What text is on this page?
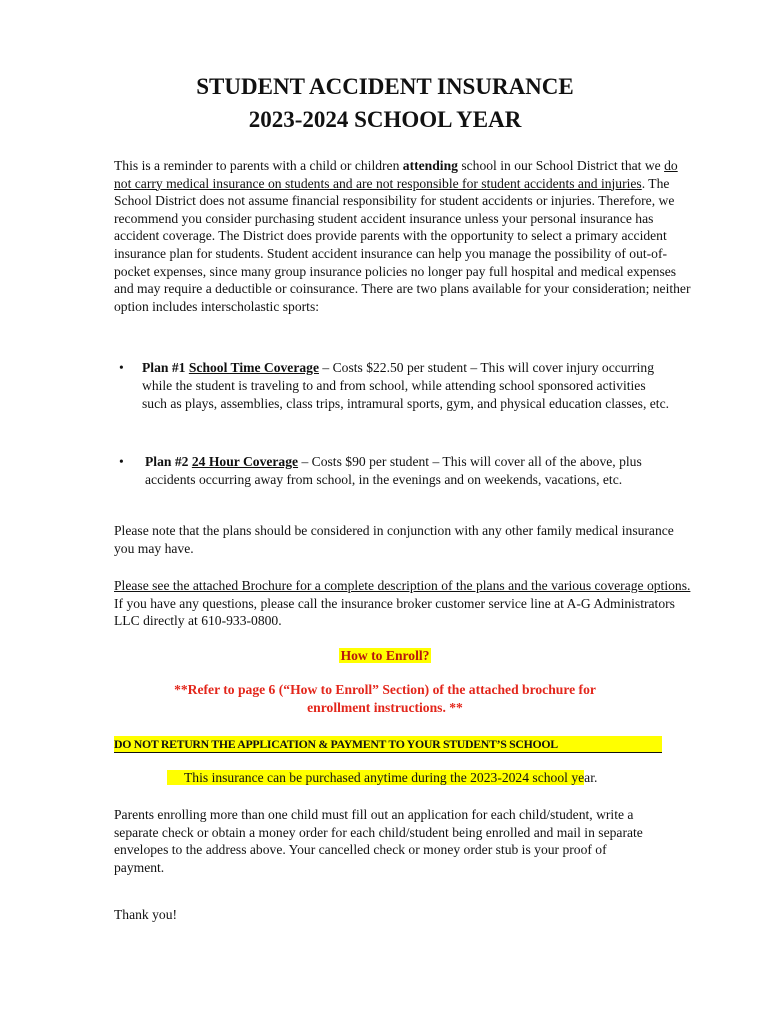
STUDENT ACCIDENT INSURANCE
2023-2024 SCHOOL YEAR
This is a reminder to parents with a child or children attending school in our School District that we do not carry medical insurance on students and are not responsible for student accidents and injuries. The School District does not assume financial responsibility for student accidents or injuries. Therefore, we recommend you consider purchasing student accident insurance unless your personal insurance has accident coverage. The District does provide parents with the opportunity to select a primary accident insurance plan for students. Student accident insurance can help you manage the possibility of out-of-pocket expenses, since many group insurance policies no longer pay full hospital and medical expenses and may require a deductible or coinsurance. There are two plans available for your consideration; neither option includes interscholastic sports:
• Plan #1 School Time Coverage – Costs $22.50 per student – This will cover injury occurring while the student is traveling to and from school, while attending school sponsored activities such as plays, assemblies, class trips, intramural sports, gym, and physical education classes, etc.
• Plan #2 24 Hour Coverage – Costs $90 per student – This will cover all of the above, plus accidents occurring away from school, in the evenings and on weekends, vacations, etc.
Please note that the plans should be considered in conjunction with any other family medical insurance you may have.
Please see the attached Brochure for a complete description of the plans and the various coverage options. If you have any questions, please call the insurance broker customer service line at A-G Administrators LLC directly at 610-933-0800.
How to Enroll?
**Refer to page 6 (“How to Enroll” Section) of the attached brochure for
enrollment instructions. **
DO NOT RETURN THE APPLICATION & PAYMENT TO YOUR STUDENT’S SCHOOL
This insurance can be purchased anytime during the 2023-2024 school year.
Parents enrolling more than one child must fill out an application for each child/student, write a separate check or obtain a money order for each child/student being enrolled and mail in separate envelopes to the address above. Your cancelled check or money order stub is your proof of payment.
Thank you!
